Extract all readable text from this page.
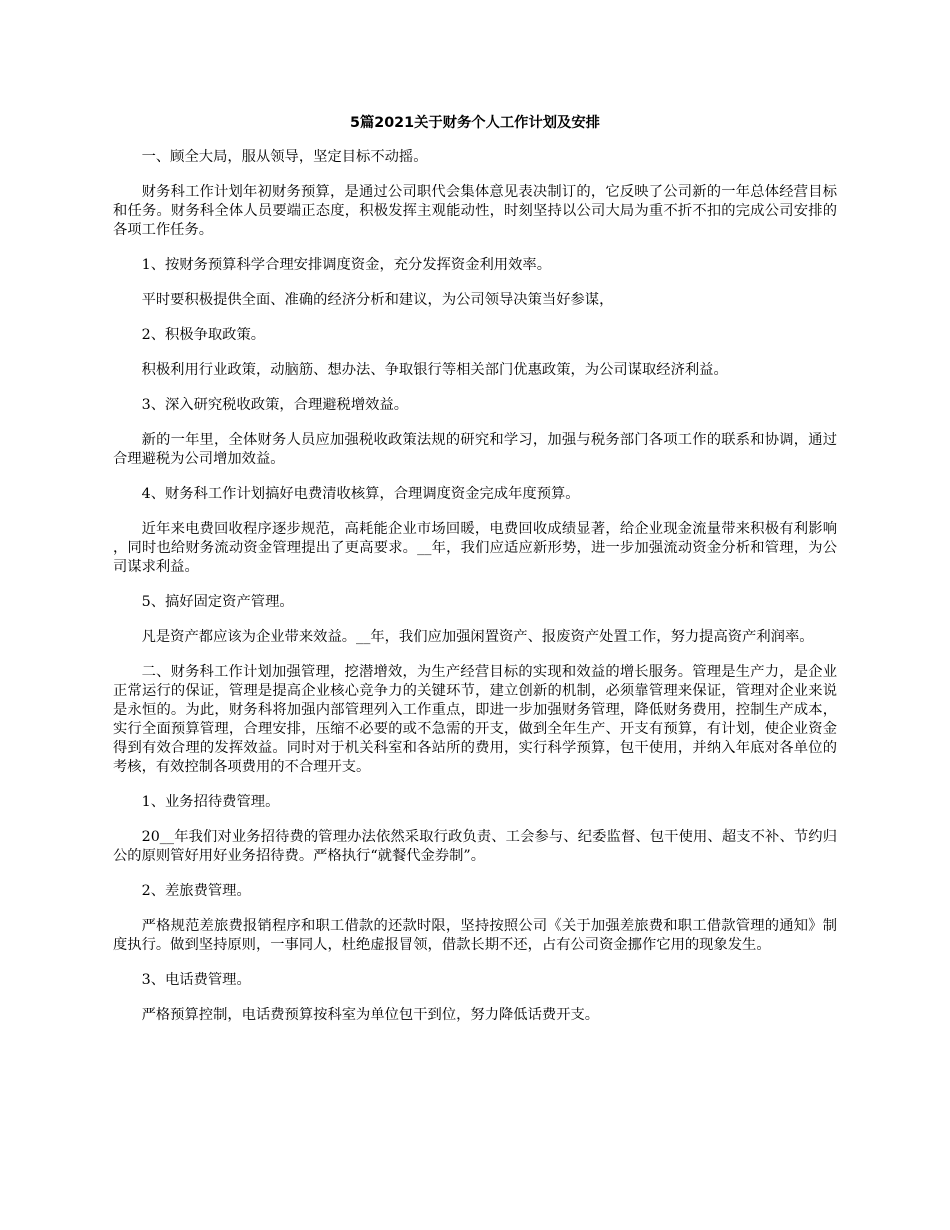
5篇2021关于财务个人工作计划及安排

一、顾全大局，服从领导，坚定目标不动摇。

财务科工作计划年初财务预算，是通过公司职代会集体意见表决制订的，它反映了公司新的一年总体经营目标和任务。财务科全体人员要端正态度，积极发挥主观能动性，时刻坚持以公司大局为重不折不扣的完成公司安排的各项工作任务。

1、按财务预算科学合理安排调度资金，充分发挥资金利用效率。

平时要积极提供全面、准确的经济分析和建议，为公司领导决策当好参谋，

2、积极争取政策。

积极利用行业政策，动脑筋、想办法、争取银行等相关部门优惠政策，为公司谋取经济利益。

3、深入研究税收政策，合理避税增效益。

新的一年里，全体财务人员应加强税收政策法规的研究和学习，加强与税务部门各项工作的联系和协调，通过合理避税为公司增加效益。

4、财务科工作计划搞好电费清收核算，合理调度资金完成年度预算。

近年来电费回收程序逐步规范，高耗能企业市场回暖，电费回收成绩显著，给企业现金流量带来积极有利影响，同时也给财务流动资金管理提出了更高要求。__年，我们应适应新形势，进一步加强流动资金分析和管理，为公司谋求利益。

5、搞好固定资产管理。

凡是资产都应该为企业带来效益。__年，我们应加强闲置资产、报废资产处置工作，努力提高资产利润率。

二、财务科工作计划加强管理，挖潜增效，为生产经营目标的实现和效益的增长服务。管理是生产力，是企业正常运行的保证，管理是提高企业核心竞争力的关键环节，建立创新的机制，必须靠管理来保证，管理对企业来说是永恒的。为此，财务科将加强内部管理列入工作重点，即进一步加强财务管理，降低财务费用，控制生产成本，实行全面预算管理，合理安排，压缩不必要的或不急需的开支，做到全年生产、开支有预算，有计划，使企业资金得到有效合理的发挥效益。同时对于机关科室和各站所的费用，实行科学预算，包干使用，并纳入年底对各单位的考核，有效控制各项费用的不合理开支。

1、业务招待费管理。

20__年我们对业务招待费的管理办法依然采取行政负责、工会参与、纪委监督、包干使用、超支不补、节约归公的原则管好用好业务招待费。严格执行“就餐代金券制”。

2、差旅费管理。

严格规范差旅费报销程序和职工借款的还款时限，坚持按照公司《关于加强差旅费和职工借款管理的通知》制度执行。做到坚持原则，一事同人，杜绝虚报冒领，借款长期不还，占有公司资金挪作它用的现象发生。

3、电话费管理。

严格预算控制，电话费预算按科室为单位包干到位，努力降低话费开支。
